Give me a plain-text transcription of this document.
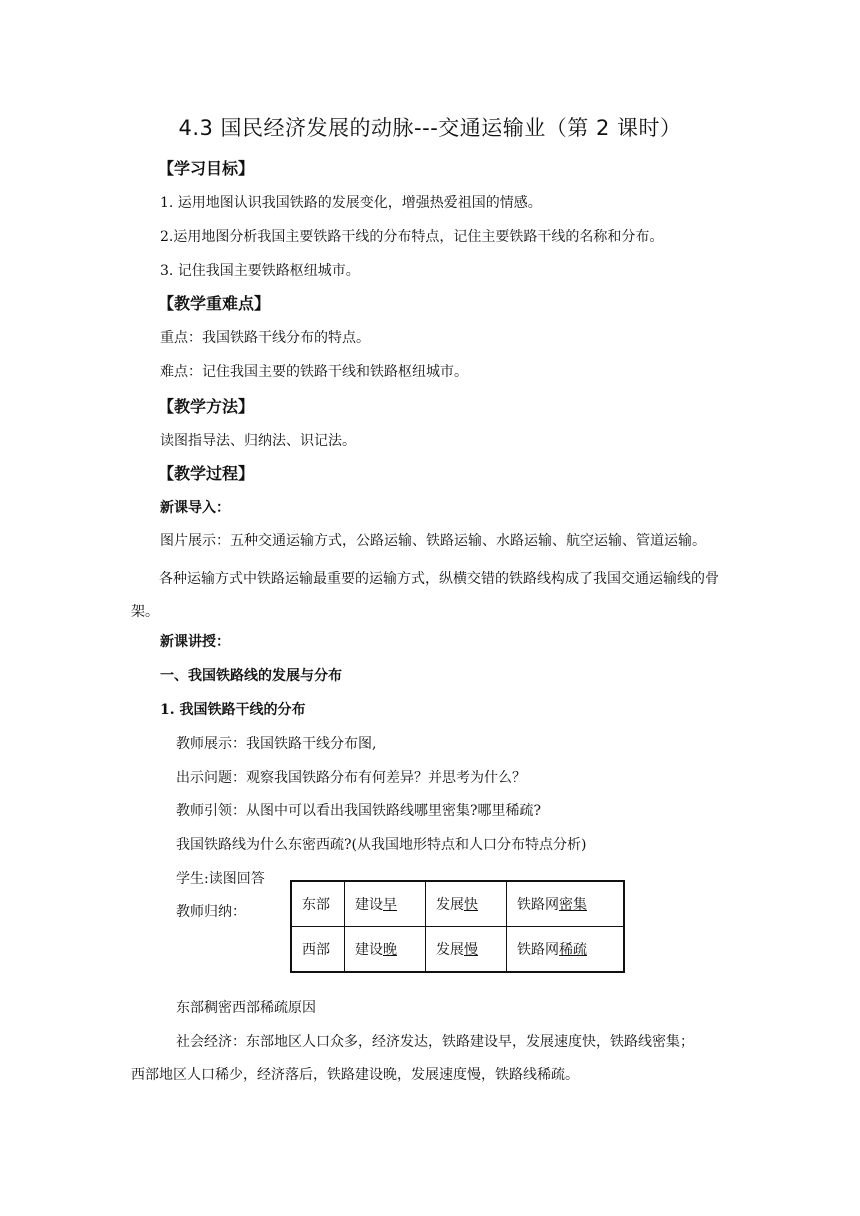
4.3 国民经济发展的动脉---交通运输业（第 2 课时）

【学习目标】

1. 运用地图认识我国铁路的发展变化，增强热爱祖国的情感。

2.运用地图分析我国主要铁路干线的分布特点，记住主要铁路干线的名称和分布。

3. 记住我国主要铁路枢纽城市。

【教学重难点】

重点：我国铁路干线分布的特点。

难点：记住我国主要的铁路干线和铁路枢纽城市。

【教学方法】

读图指导法、归纳法、识记法。

【教学过程】

新课导入：

图片展示：五种交通运输方式，公路运输、铁路运输、水路运输、航空运输、管道运输。

各种运输方式中铁路运输最重要的运输方式，纵横交错的铁路线构成了我国交通运输线的骨架。

新课讲授：

一、我国铁路线的发展与分布

1. 我国铁路干线的分布

教师展示：我国铁路干线分布图,

出示问题：观察我国铁路分布有何差异？并思考为什么？

教师引领：从图中可以看出我国铁路线哪里密集?哪里稀疏?

我国铁路线为什么东密西疏?(从我国地形特点和人口分布特点分析)

学生:读图回答

教师归纳：	东部	建设早	发展快	铁路网密集
西部	建设晚	发展慢	铁路网稀疏

东部稠密西部稀疏原因

社会经济：东部地区人口众多，经济发达，铁路建设早，发展速度快，铁路线密集；

西部地区人口稀少，经济落后，铁路建设晚，发展速度慢，铁路线稀疏。
